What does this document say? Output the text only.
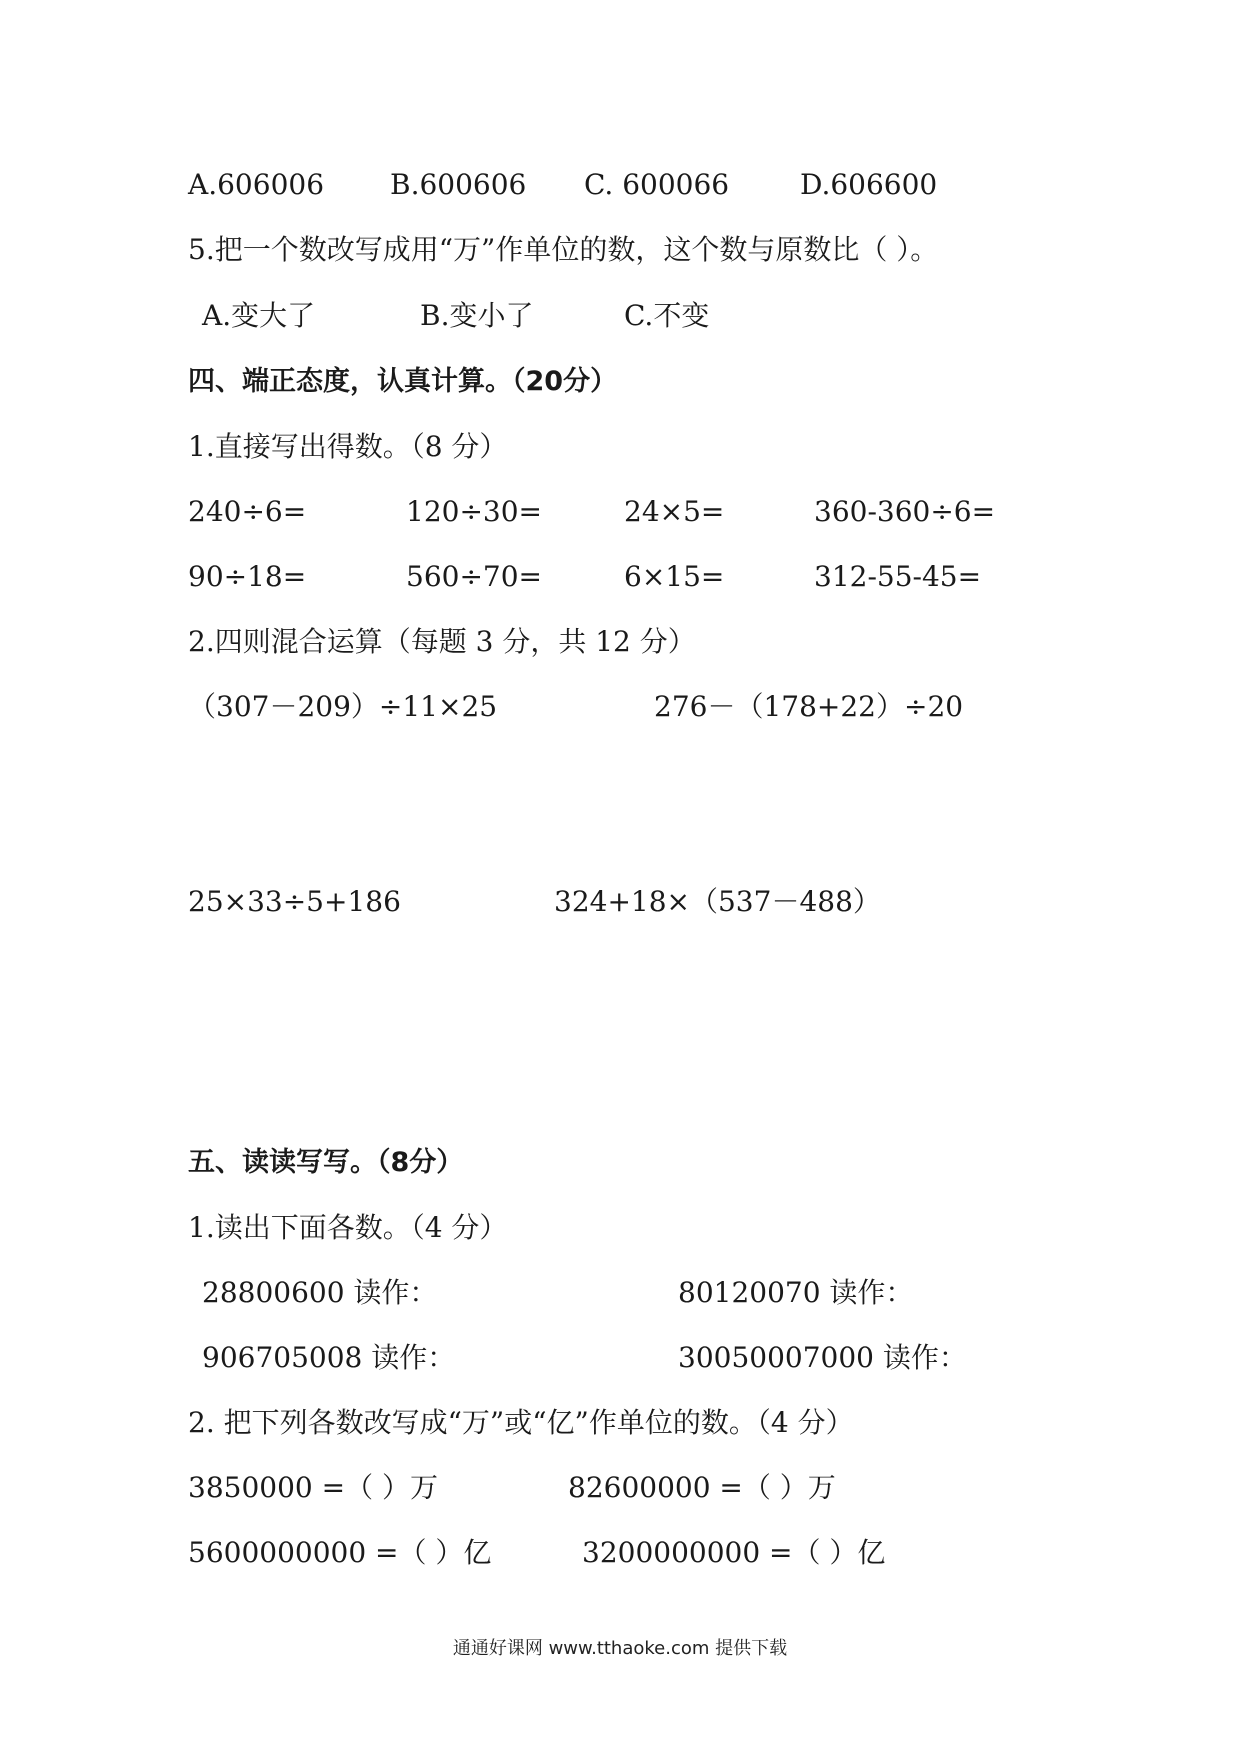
A.606006 B.600606 C. 600066	D.606600
5.把一个数改写成用“万”作单位的数，这个数与原数比（ ）。
A.变大了	B.变小了	C.不变
四、端正态度，认真计算。（20分）
1.直接写出得数。（8 分）
240÷6=	120÷30=	24×5=	360-360÷6=
90÷18=	560÷70=	6×15=	312-55-45=
2.四则混合运算（每题 3 分，共 12 分）
（307－209）÷11×25	276－（178+22）÷20
25×33÷5+186	324+18×（537－488）
五、读读写写。（8分）
1.读出下面各数。（4 分）
28800600 读作：	80120070 读作：
906705008 读作：	30050007000 读作：
2. 把下列各数改写成“万”或“亿”作单位的数。（4 分）
3850000 =（ ）万	82600000 =（ ）万
5600000000 =（ ）亿	3200000000 =（ ）亿
通通好课网 www.tthaoke.com 提供下载
